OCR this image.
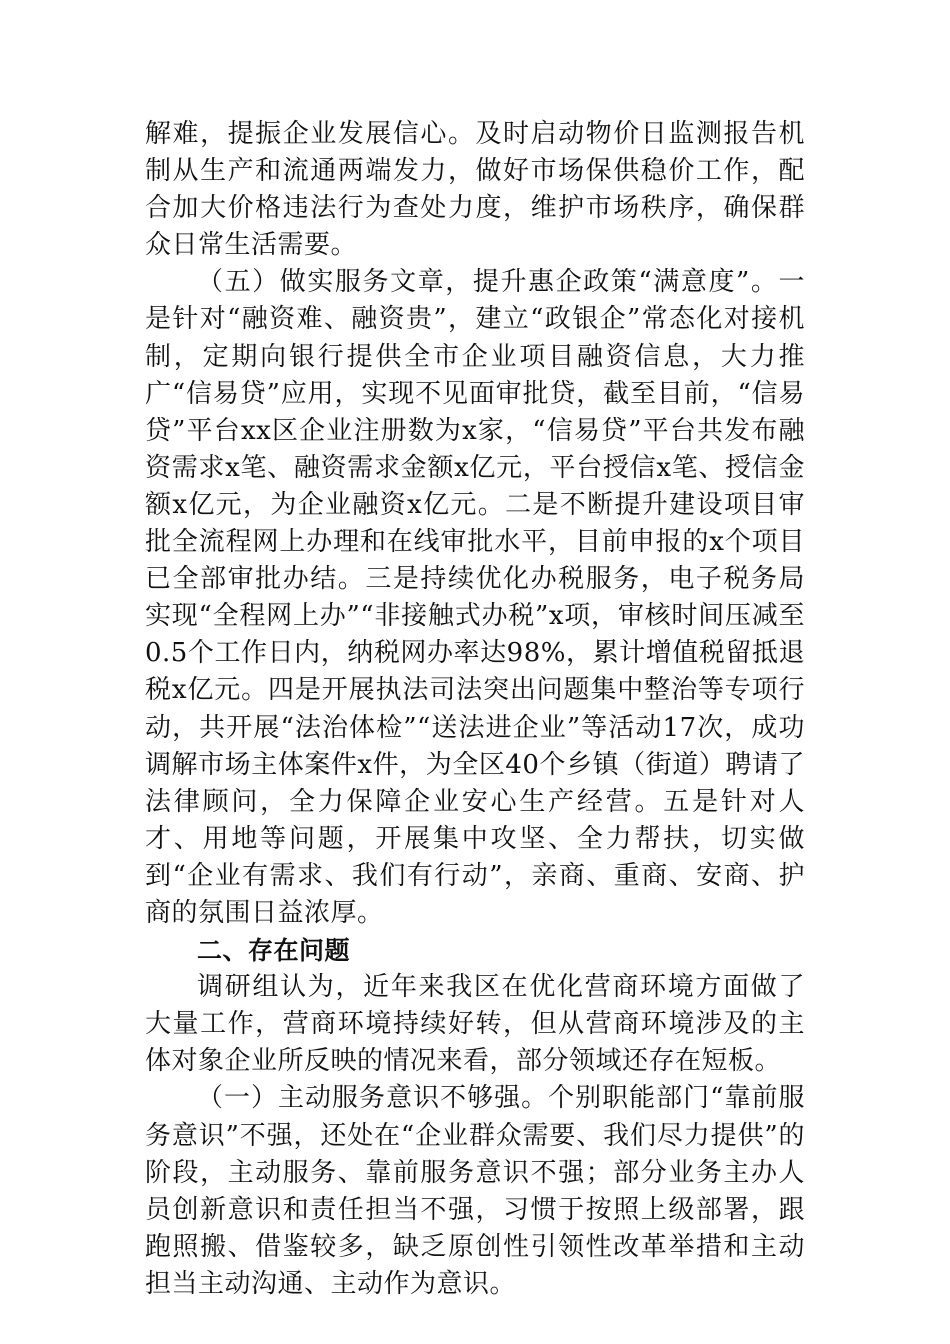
解难，提振企业发展信心。及时启动物价日监测报告机制从生产和流通两端发力，做好市场保供稳价工作，配合加大价格违法行为查处力度，维护市场秩序，确保群众日常生活需要。

（五）做实服务文章，提升惠企政策“满意度”。一是针对“融资难、融资贵”，建立“政银企”常态化对接机制，定期向银行提供全市企业项目融资信息，大力推广“信易贷”应用，实现不见面审批贷，截至目前，“信易贷”平台xx区企业注册数为x家，“信易贷”平台共发布融资需求x笔、融资需求金额x亿元，平台授信x笔、授信金额x亿元，为企业融资x亿元。二是不断提升建设项目审批全流程网上办理和在线审批水平，目前申报的x个项目已全部审批办结。三是持续优化办税服务，电子税务局实现“全程网上办”“非接触式办税”x项，审核时间压减至0.5个工作日内，纳税网办率达98%，累计增值税留抵退税x亿元。四是开展执法司法突出问题集中整治等专项行动，共开展“法治体检”“送法进企业”等活动17次，成功调解市场主体案件x件，为全区40个乡镇（街道）聘请了法律顾问，全力保障企业安心生产经营。五是针对人才、用地等问题，开展集中攻坚、全力帮扶，切实做到“企业有需求、我们有行动”，亲商、重商、安商、护商的氛围日益浓厚。

二、存在问题

调研组认为，近年来我区在优化营商环境方面做了大量工作，营商环境持续好转，但从营商环境涉及的主体对象企业所反映的情况来看，部分领域还存在短板。

（一）主动服务意识不够强。个别职能部门“靠前服务意识”不强，还处在“企业群众需要、我们尽力提供”的阶段，主动服务、靠前服务意识不强；部分业务主办人员创新意识和责任担当不强，习惯于按照上级部署，跟跑照搬、借鉴较多，缺乏原创性引领性改革举措和主动担当主动沟通、主动作为意识。
